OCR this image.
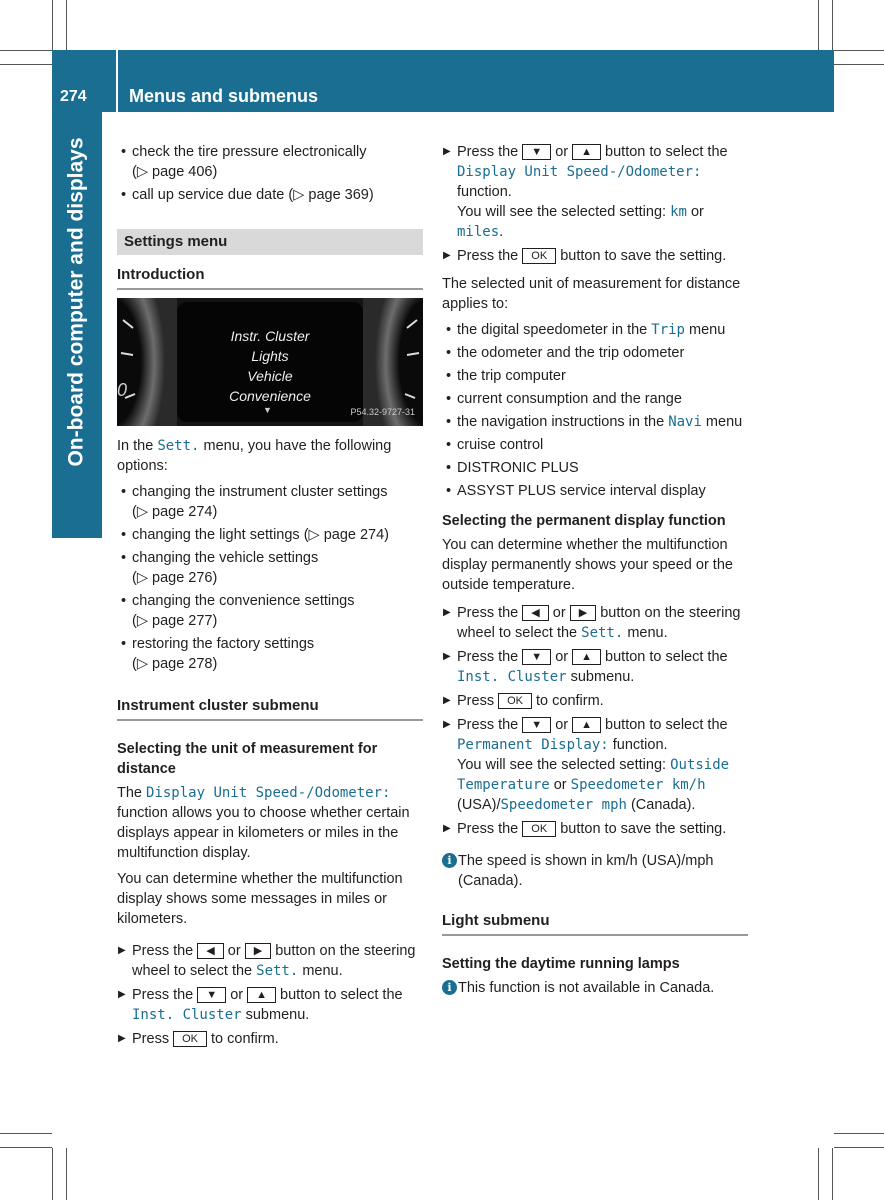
274 Menus and submenus
On-board computer and displays
•	check the tire pressure electronically
(▷ page 406)
• call up service due date (▷ page 369)
Settings menu
Introduction
0
Instr. Cluster
Lights
Vehicle
Convenience
▼	P54.32-9727-31

In the Sett. menu, you have the following options:

• changing the instrument cluster settings
(▷ page 274)
• changing the light settings (▷ page 274)
• changing the vehicle settings
(▷ page 276)
• changing the convenience settings
(▷ page 277)
• restoring the factory settings
(▷ page 278)
Instrument cluster submenu
Selecting the unit of measurement for distance

The Display Unit Speed-/Odometer: function allows you to choose whether certain displays appear in kilometers or miles in the multifunction display.

You can determine whether the multifunction display shows some messages in miles or kilometers.

▶ Press the ◀ or ▶ button on the steering wheel to select the Sett. menu.
▶ Press the ▼ or ▲ button to select the Inst. Cluster submenu.
▶ Press OK to confirm.
▶ Press the ▼ or ▲ button to select the Display Unit Speed-/Odometer:
function.
You will see the selected setting: km or miles.
▶ Press the OK button to save the setting.

The selected unit of measurement for distance applies to:

• the digital speedometer in the Trip menu
• the odometer and the trip odometer
• the trip computer
• current consumption and the range
• the navigation instructions in the Navi menu
• cruise control
• DISTRONIC PLUS
• ASSYST PLUS service interval display
Selecting the permanent display function

You can determine whether the multifunction display permanently shows your speed or the outside temperature.

▶ Press the ◀ or ▶ button on the steering wheel to select the Sett. menu.
▶ Press the ▼ or ▲ button to select the Inst. Cluster submenu.
▶ Press OK to confirm.
▶ Press the ▼ or ▲ button to select the Permanent Display: function.
You will see the selected setting: Outside Temperature or Speedometer km/h
(USA)/Speedometer mph (Canada).
▶ Press the OK button to save the setting.
i The speed is shown in km/h (USA)/mph (Canada).
Light submenu
Setting the daytime running lamps
i This function is not available in Canada.
